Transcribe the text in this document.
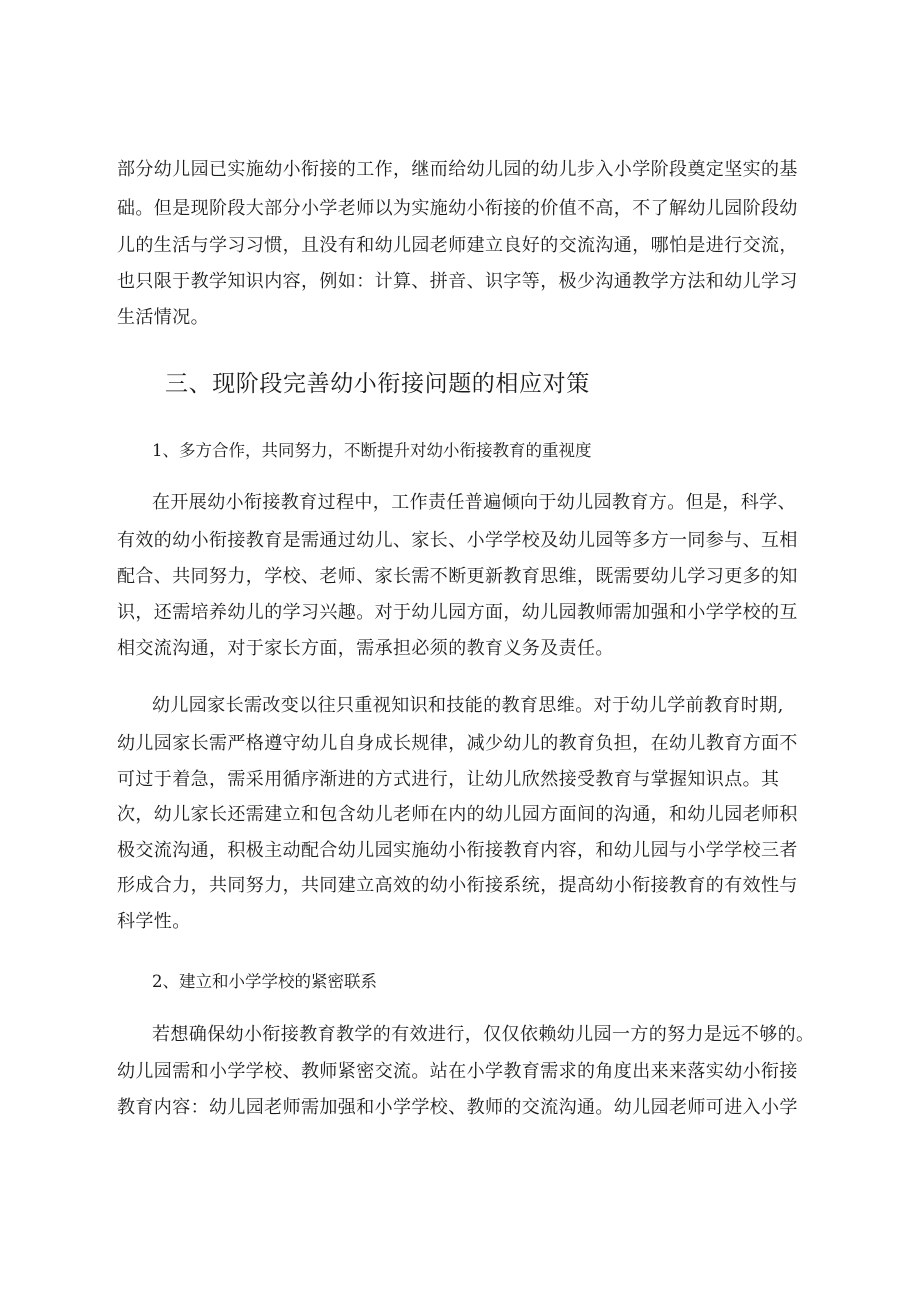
部分幼儿园已实施幼小衔接的工作，继而给幼儿园的幼儿步入小学阶段奠定坚实的基
础。但是现阶段大部分小学老师以为实施幼小衔接的价值不高，不了解幼儿园阶段幼
儿的生活与学习习惯，且没有和幼儿园老师建立良好的交流沟通，哪怕是进行交流，
也只限于教学知识内容，例如：计算、拼音、识字等，极少沟通教学方法和幼儿学习
生活情况。
三、现阶段完善幼小衔接问题的相应对策
1、多方合作，共同努力，不断提升对幼小衔接教育的重视度
在开展幼小衔接教育过程中，工作责任普遍倾向于幼儿园教育方。但是，科学、
有效的幼小衔接教育是需通过幼儿、家长、小学学校及幼儿园等多方一同参与、互相
配合、共同努力，学校、老师、家长需不断更新教育思维，既需要幼儿学习更多的知
识，还需培养幼儿的学习兴趣。对于幼儿园方面，幼儿园教师需加强和小学学校的互
相交流沟通，对于家长方面，需承担必须的教育义务及责任。
幼儿园家长需改变以往只重视知识和技能的教育思维。对于幼儿学前教育时期,
幼儿园家长需严格遵守幼儿自身成长规律，减少幼儿的教育负担，在幼儿教育方面不
可过于着急，需采用循序渐进的方式进行，让幼儿欣然接受教育与掌握知识点。其
次，幼儿家长还需建立和包含幼儿老师在内的幼儿园方面间的沟通，和幼儿园老师积
极交流沟通，积极主动配合幼儿园实施幼小衔接教育内容，和幼儿园与小学学校三者
形成合力，共同努力，共同建立高效的幼小衔接系统，提高幼小衔接教育的有效性与
科学性。
2、建立和小学学校的紧密联系
若想确保幼小衔接教育教学的有效进行，仅仅依赖幼儿园一方的努力是远不够的。
幼儿园需和小学学校、教师紧密交流。站在小学教育需求的角度出来来落实幼小衔接
教育内容：幼儿园老师需加强和小学学校、教师的交流沟通。幼儿园老师可进入小学
